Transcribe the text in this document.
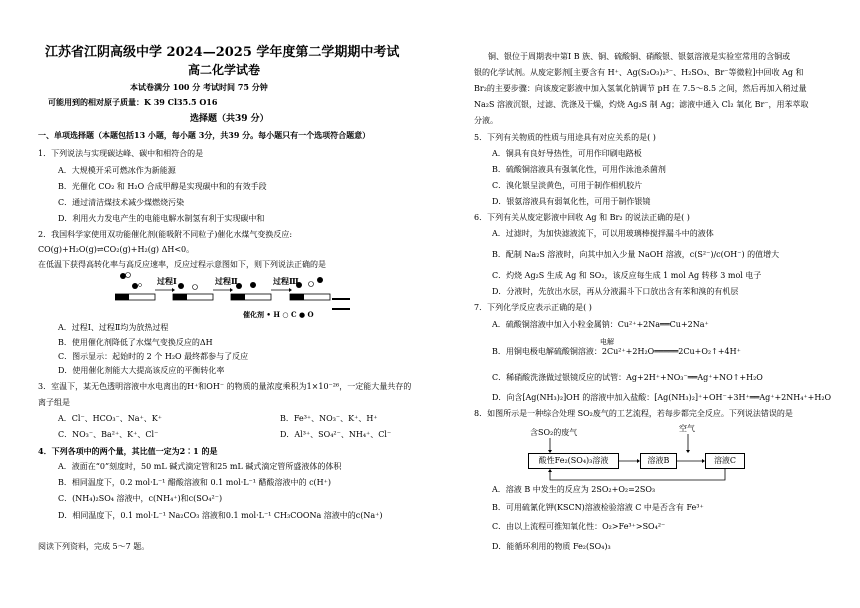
江苏省江阴高级中学 2024—2025 学年度第二学期期中考试
高二化学试卷
本试卷满分 100 分 考试时间 75 分钟
可能用到的相对原子质量：K 39 Cl35.5 O16
选择题（共39 分）
一、单项选择题（本题包括13 小题，每小题 3分，共39 分。每小题只有一个选项符合题意）
1．下列说法与实现碳达峰、碳中和相符合的是
A．大规模开采可燃冰作为新能源
B．光催化 CO₂ 和 H₂O 合成甲醇是实现碳中和的有效手段
C．通过清洁煤技术减少煤燃烧污染
D．利用火力发电产生的电能电解水制氢有利于实现碳中和
2．我国科学家使用双功能催化剂(能吸附不同粒子)催化水煤气变换反应:
CO(g)+H₂O(g)⇌CO₂(g)+H₂(g) ΔH<0。
在低温下获得高转化率与高反应速率，反应过程示意图如下，则下列说法正确的是
过程Ⅰ	过程Ⅱ	过程Ⅲ
催化剂 • H ○ C ● O
A．过程Ⅰ、过程Ⅱ均为放热过程
B．使用催化剂降低了水煤气变换反应的ΔH
C．图示显示：起始时的 2 个 H₂O 最终都参与了反应
D．使用催化剂能大大提高该反应的平衡转化率
3．室温下，某无色透明溶液中水电离出的H⁺和OH⁻ 的物质的量浓度乘积为1×10⁻²⁶，一定能大量共存的
离子组是
A．Cl⁻、HCO₃⁻、Na⁺、K⁺	B．Fe³⁺、NO₃⁻、K⁺、H⁺
C．NO₃⁻、Ba²⁺、K⁺、Cl⁻	D．Al³⁺、SO₄²⁻、NH₄⁺、Cl⁻
4．下列各项中的两个量，其比值一定为2∶1 的是
A．液面在“0”刻度时，50 mL 碱式滴定管和25 mL 碱式滴定管所盛液体的体积
B．相同温度下，0.2 mol·L⁻¹ 醋酸溶液和 0.1 mol·L⁻¹ 醋酸溶液中的 c(H⁺)
C．(NH₄)₂SO₄ 溶液中，c(NH₄⁺)和c(SO₄²⁻)
D．相同温度下，0.1 mol·L⁻¹ Na₂CO₃ 溶液和0.1 mol·L⁻¹ CH₃COONa 溶液中的c(Na⁺)
阅读下列资料，完成 5～7 题。
铜、银位于周期表中第Ⅰ B 族、铜、硫酸铜、硝酸银、银氨溶液是实验室常用的含铜或
银的化学试剂。从废定影剂[主要含有 H⁺、Ag(S₂O₃)₂³⁻、H₂SO₃、Br⁻等微粒]中回收 Ag 和
Br₂的主要步骤：向该废定影液中加入氢氧化钠调节 pH 在 7.5～8.5 之间，然后再加入稍过量
Na₂S 溶液沉银，过滤、洗涤及干燥，灼烧 Ag₂S 制 Ag；滤液中通入 Cl₂ 氧化 Br⁻，用苯萃取
分液。
5．下列有关物质的性质与用途具有对应关系的是( )
A．铜具有良好导热性，可用作印刷电路板
B．硫酸铜溶液具有强氧化性，可用作泳池杀菌剂
C．溴化银呈淡黄色，可用于制作相机胶片
D．银氨溶液具有弱氧化性，可用于制作银镜
6．下列有关从废定影液中回收 Ag 和 Br₂ 的说法正确的是( )
A．过滤时，为加快滤液流下，可以用玻璃棒搅拌漏斗中的液体
B．配制 Na₂S 溶液时，向其中加入少量 NaOH 溶液，c(S²⁻)/c(OH⁻) 的值增大
C．灼烧 Ag₂S 生成 Ag 和 SO₂，该反应每生成 1 mol Ag 转移 3 mol 电子
D．分液时，先放出水层，再从分液漏斗下口放出含有苯和溴的有机层
7．下列化学反应表示正确的是( )
A．硫酸铜溶液中加入小粒金属钠：Cu²⁺+2Na══Cu+2Na⁺
电解
B．用铜电极电解硫酸铜溶液：2Cu²⁺+2H₂O═════2Cu+O₂↑+4H⁺
C．稀硝酸洗涤做过银镜反应的试管：Ag+2H⁺+NO₃⁻══Ag⁺+NO↑+H₂O
D．向含[Ag(NH₃)₂]OH 的溶液中加入盐酸：[Ag(NH₃)₂]⁺+OH⁻+3H⁺══Ag⁺+2NH₄⁺+H₂O
8．如图所示是一种综合处理 SO₂废气的工艺流程，若每步都完全反应。下列说法错误的是
含SO₂的废气	空气
酸性Fe₂(SO₄)₃溶液	溶液B	溶液C
A．溶液 B 中发生的反应为 2SO₂+O₂=2SO₃
B．可用硫氰化钾(KSCN)溶液检验溶液 C 中是否含有 Fe³⁺
C．由以上流程可推知氧化性：O₂>Fe³⁺>SO₄²⁻
D．能循环利用的物质 Fe₂(SO₄)₃
